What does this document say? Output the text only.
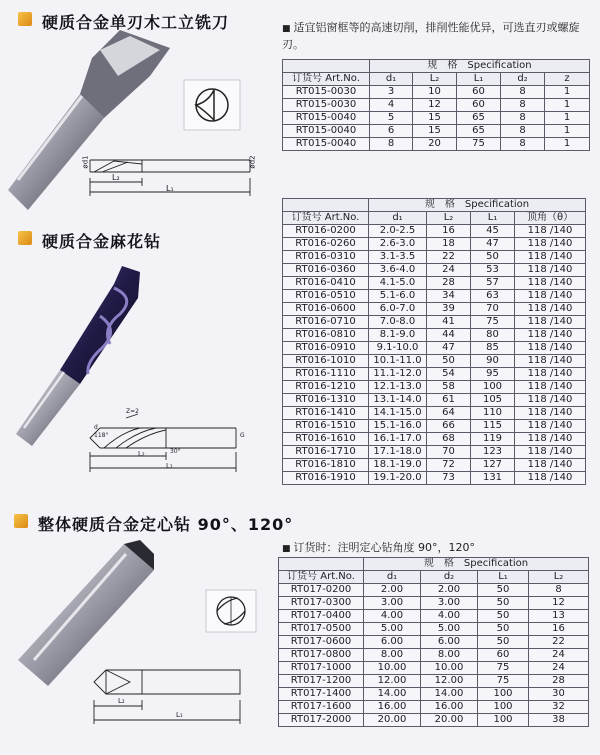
硬质合金单刃木工立铣刀	■ 适宜铝窗框等的高速切削，排削性能优异，可选直刃或螺旋刃。
ød1	ød2
L₂
L₁
	规　格　Specification				
订货号 Art.No.	d₁	L₂	L₁	d₂	z
RT015-0030	3	10	60	8	1
RT015-0030	4	12	60	8	1
RT015-0040	5	15	65	8	1
RT015-0040	6	15	65	8	1
RT015-0040	8	20	75	8	1
硬质合金麻花钻
Z=2
118°
30°
L₂
L₁
d
G
	规　格　Specification			
订货号 Art.No.	d₁	L₂	L₁	顶角（θ）
RT016-0200	2.0-2.5	16	45	118 /140
RT016-0260	2.6-3.0	18	47	118 /140
RT016-0310	3.1-3.5	22	50	118 /140
RT016-0360	3.6-4.0	24	53	118 /140
RT016-0410	4.1-5.0	28	57	118 /140
RT016-0510	5.1-6.0	34	63	118 /140
RT016-0600	6.0-7.0	39	70	118 /140
RT016-0710	7.0-8.0	41	75	118 /140
RT016-0810	8.1-9.0	44	80	118 /140
RT016-0910	9.1-10.0	47	85	118 /140
RT016-1010	10.1-11.0	50	90	118 /140
RT016-1110	11.1-12.0	54	95	118 /140
RT016-1210	12.1-13.0	58	100	118 /140
RT016-1310	13.1-14.0	61	105	118 /140
RT016-1410	14.1-15.0	64	110	118 /140
RT016-1510	15.1-16.0	66	115	118 /140
RT016-1610	16.1-17.0	68	119	118 /140
RT016-1710	17.1-18.0	70	123	118 /140
RT016-1810	18.1-19.0	72	127	118 /140
RT016-1910	19.1-20.0	73	131	118 /140
整体硬质合金定心钻 90°、120°
■ 订货时：注明定心钻角度 90°，120°
L₂
L₁
	规　格　Specification			
订货号 Art.No.	d₁	d₂	L₁	L₂
RT017-0200	2.00	2.00	50	8
RT017-0300	3.00	3.00	50	12
RT017-0400	4.00	4.00	50	13
RT017-0500	5.00	5.00	50	16
RT017-0600	6.00	6.00	50	22
RT017-0800	8.00	8.00	60	24
RT017-1000	10.00	10.00	75	24
RT017-1200	12.00	12.00	75	28
RT017-1400	14.00	14.00	100	30
RT017-1600	16.00	16.00	100	32
RT017-2000	20.00	20.00	100	38
